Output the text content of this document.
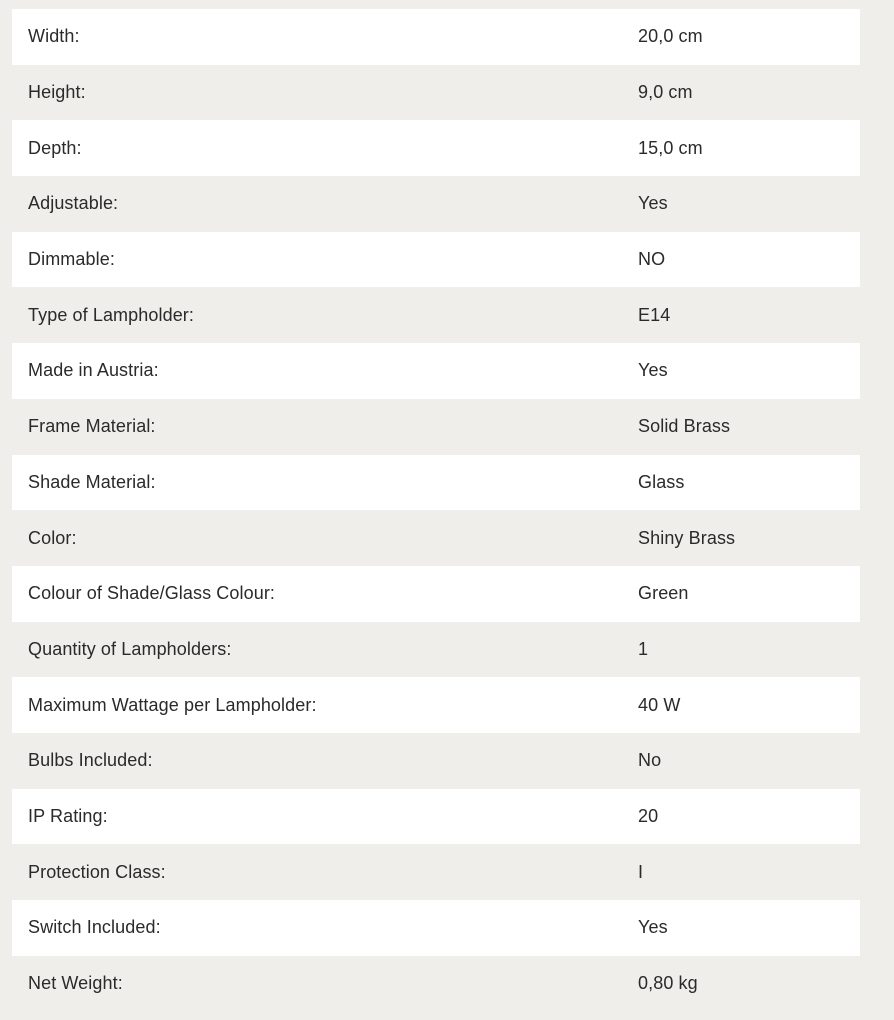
Width:	20,0 cm
Height:	9,0 cm
Depth:	15,0 cm
Adjustable:	Yes
Dimmable:	NO
Type of Lampholder:	E14
Made in Austria:	Yes
Frame Material:	Solid Brass
Shade Material:	Glass
Color:	Shiny Brass
Colour of Shade/Glass Colour:	Green
Quantity of Lampholders:	1
Maximum Wattage per Lampholder:	40 W
Bulbs Included:	No
IP Rating:	20
Protection Class:	I
Switch Included:	Yes
Net Weight:	0,80 kg
